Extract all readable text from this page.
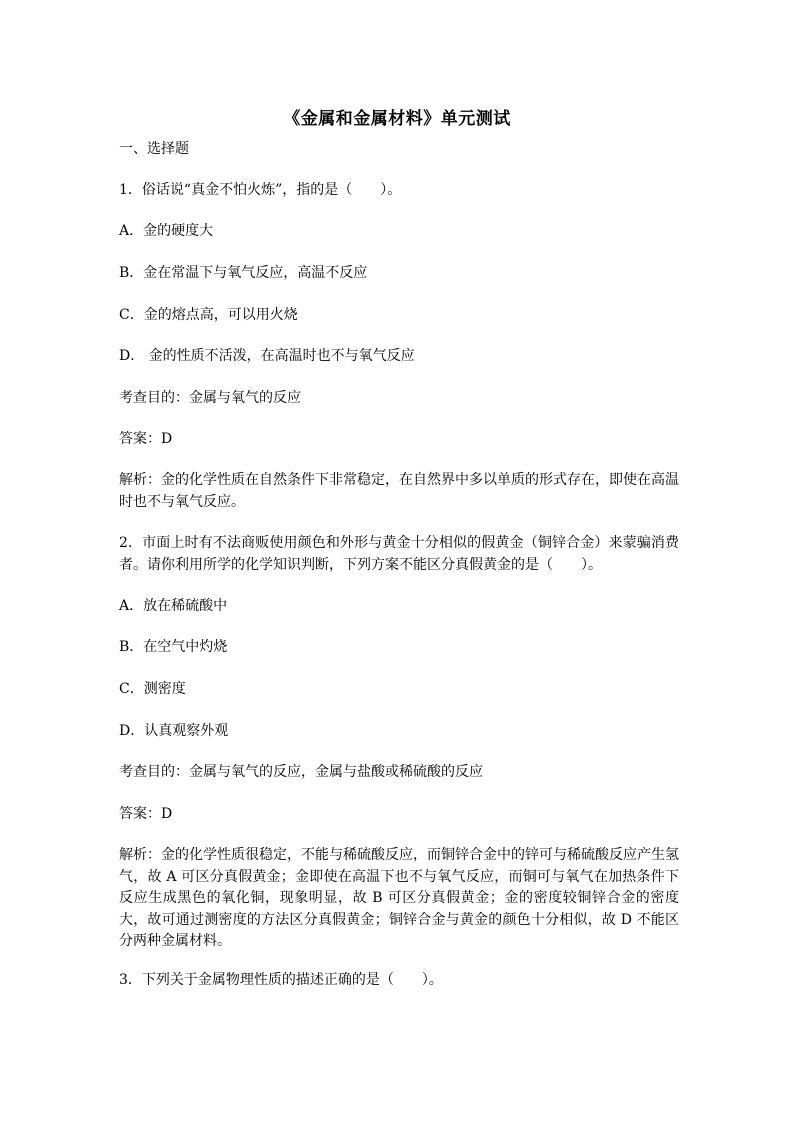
《金属和金属材料》单元测试
一、选择题
1．俗话说“真金不怕火炼”，指的是（　　）。
A．金的硬度大
B．金在常温下与氧气反应，高温不反应
C．金的熔点高，可以用火烧
D． 金的性质不活泼，在高温时也不与氧气反应
考查目的：金属与氧气的反应
答案：D
解析：金的化学性质在自然条件下非常稳定，在自然界中多以单质的形式存在，即使在高温时也不与氧气反应。
2．市面上时有不法商贩使用颜色和外形与黄金十分相似的假黄金（铜锌合金）来蒙骗消费者。请你利用所学的化学知识判断，下列方案不能区分真假黄金的是（　　）。
A．放在稀硫酸中
B．在空气中灼烧
C．测密度
D．认真观察外观
考查目的：金属与氧气的反应，金属与盐酸或稀硫酸的反应
答案：D
解析：金的化学性质很稳定，不能与稀硫酸反应，而铜锌合金中的锌可与稀硫酸反应产生氢气，故 A 可区分真假黄金；金即使在高温下也不与氧气反应，而铜可与氧气在加热条件下反应生成黑色的氧化铜，现象明显，故 B 可区分真假黄金；金的密度较铜锌合金的密度大，故可通过测密度的方法区分真假黄金；铜锌合金与黄金的颜色十分相似，故 D 不能区分两种金属材料。
3．下列关于金属物理性质的描述正确的是（　　）。
